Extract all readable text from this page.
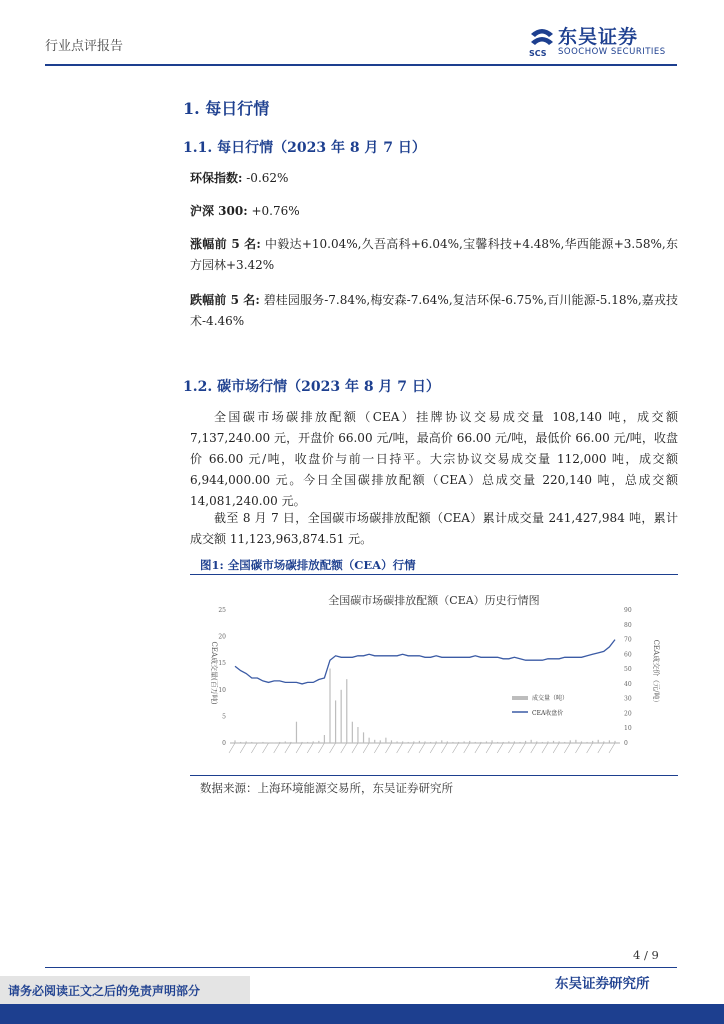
行业点评报告	SCS
东吴证券
SOOCHOW SECURITIES
1. 每日行情
1.1. 每日行情（2023 年 8 月 7 日）
环保指数: -0.62%
沪深 300: +0.76%
涨幅前 5 名: 中毅达+10.04%,久吾高科+6.04%,宝馨科技+4.48%,华西能源+3.58%,东方园林+3.42%
跌幅前 5 名: 碧桂园服务-7.84%,梅安森-7.64%,复洁环保-6.75%,百川能源-5.18%,嘉戎技术-4.46%
1.2. 碳市场行情（2023 年 8 月 7 日）
全国碳市场碳排放配额（CEA）挂牌协议交易成交量 108,140 吨，成交额 7,137,240.00 元，开盘价 66.00 元/吨，最高价 66.00 元/吨，最低价 66.00 元/吨，收盘价 66.00 元/吨，收盘价与前一日持平。大宗协议交易成交量 112,000 吨，成交额 6,944,000.00 元。今日全国碳排放配额（CEA）总成交量 220,140 吨，总成交额 14,081,240.00 元。
截至 8 月 7 日，全国碳市场碳排放配额（CEA）累计成交量 241,427,984 吨，累计成交额 11,123,963,874.51 元。
图1: 全国碳市场碳排放配额（CEA）行情
全国碳市场碳排放配额（CEA）历史行情图
0
5
10
15
20
25
0
10
20
30
40
50
60
70
80
90
CEA成交量(百万吨)	CEA成交价（元/吨）
成交量（吨）
CEA收盘价
数据来源：上海环境能源交易所，东吴证券研究所
4 / 9
请务必阅读正文之后的免责声明部分	东吴证券研究所
